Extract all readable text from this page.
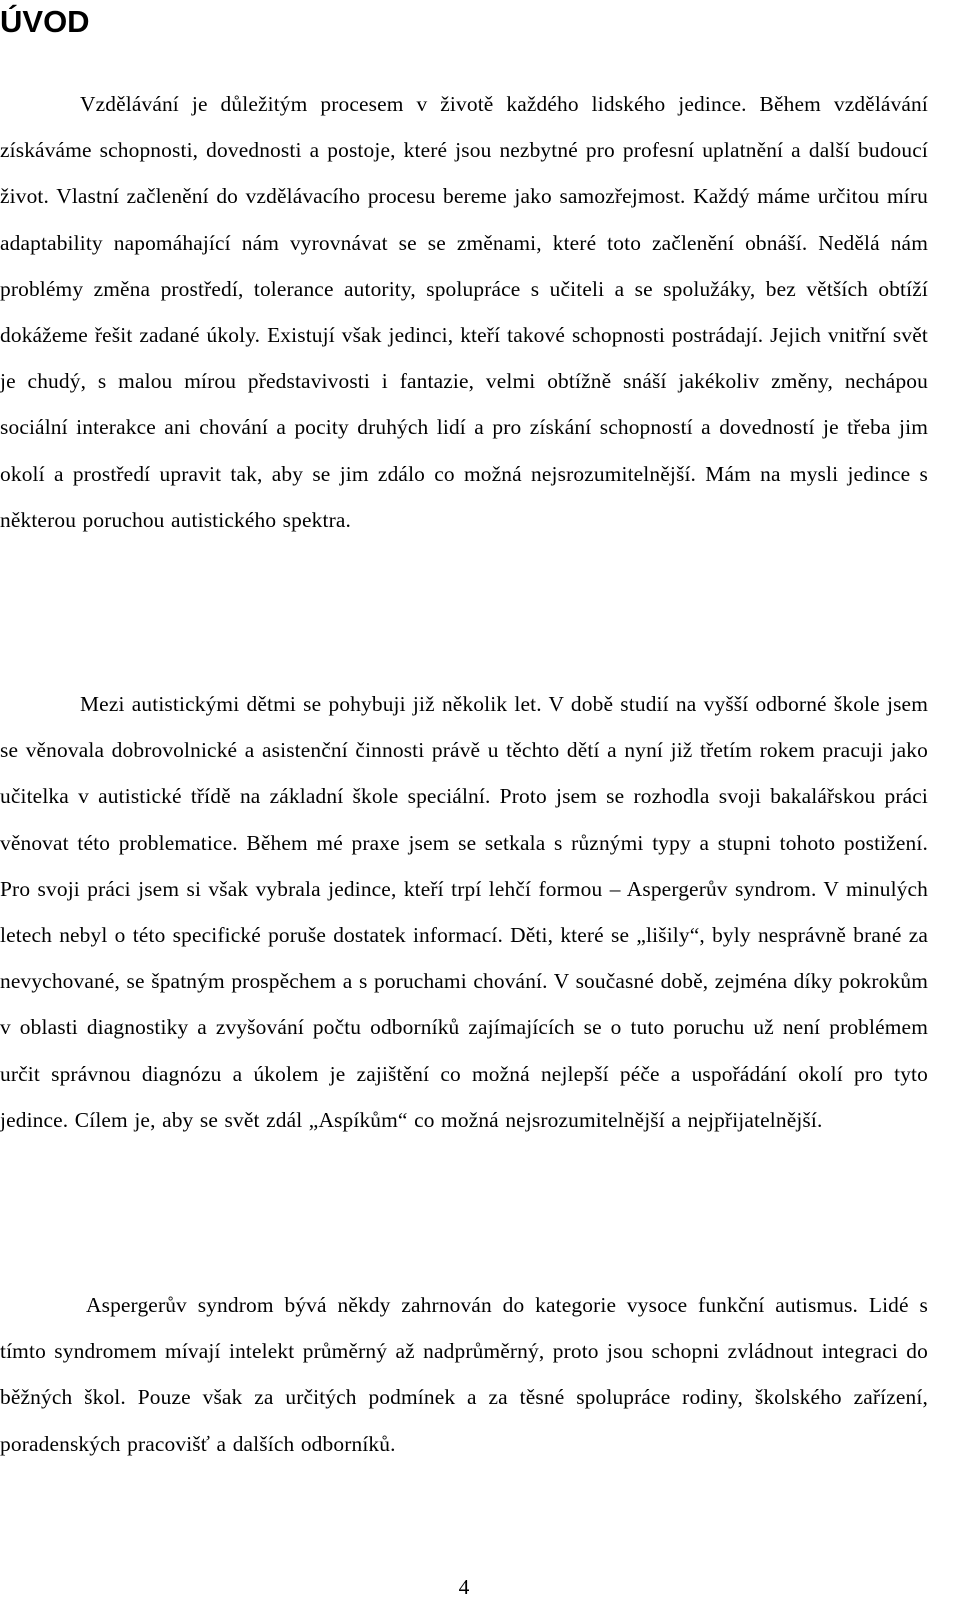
ÚVOD

Vzdělávání je důležitým procesem v životě každého lidského jedince. Během vzdělávání získáváme schopnosti, dovednosti a postoje, které jsou nezbytné pro profesní uplatnění a další budoucí život. Vlastní začlenění do vzdělávacího procesu bereme jako samozřejmost. Každý máme určitou míru adaptability napomáhající nám vyrovnávat se se změnami, které toto začlenění obnáší. Nedělá nám problémy změna prostředí, tolerance autority, spolupráce s učiteli a se spolužáky, bez větších obtíží dokážeme řešit zadané úkoly. Existují však jedinci, kteří takové schopnosti postrádají. Jejich vnitřní svět je chudý, s malou mírou představivosti i fantazie, velmi obtížně snáší jakékoliv změny, nechápou sociální interakce ani chování a pocity druhých lidí a pro získání schopností a dovedností je třeba jim okolí a prostředí upravit tak, aby se jim zdálo co možná nejsrozumitelnější. Mám na mysli jedince s některou poruchou autistického spektra.

Mezi autistickými dětmi se pohybuji již několik let. V době studií na vyšší odborné škole jsem se věnovala dobrovolnické a asistenční činnosti právě u těchto dětí a nyní již třetím rokem pracuji jako učitelka v autistické třídě na základní škole speciální. Proto jsem se rozhodla svoji bakalářskou práci věnovat této problematice. Během mé praxe jsem se setkala s různými typy a stupni tohoto postižení. Pro svoji práci jsem si však vybrala jedince, kteří trpí lehčí formou – Aspergerův syndrom. V minulých letech nebyl o této specifické poruše dostatek informací. Děti, které se „lišily“, byly nesprávně brané za nevychované, se špatným prospěchem a s poruchami chování. V současné době, zejména díky pokrokům v oblasti diagnostiky a zvyšování počtu odborníků zajímajících se o tuto poruchu už není problémem určit správnou diagnózu a úkolem je zajištění co možná nejlepší péče a uspořádání okolí pro tyto jedince. Cílem je, aby se svět zdál „Aspíkům“ co možná nejsrozumitelnější a nejpřijatelnější.

Aspergerův syndrom bývá někdy zahrnován do kategorie vysoce funkční autismus. Lidé s tímto syndromem mívají intelekt průměrný až nadprůměrný, proto jsou schopni zvládnout integraci do běžných škol. Pouze však za určitých podmínek a za těsné spolupráce rodiny, školského zařízení, poradenských pracovišť a dalších odborníků.

4
